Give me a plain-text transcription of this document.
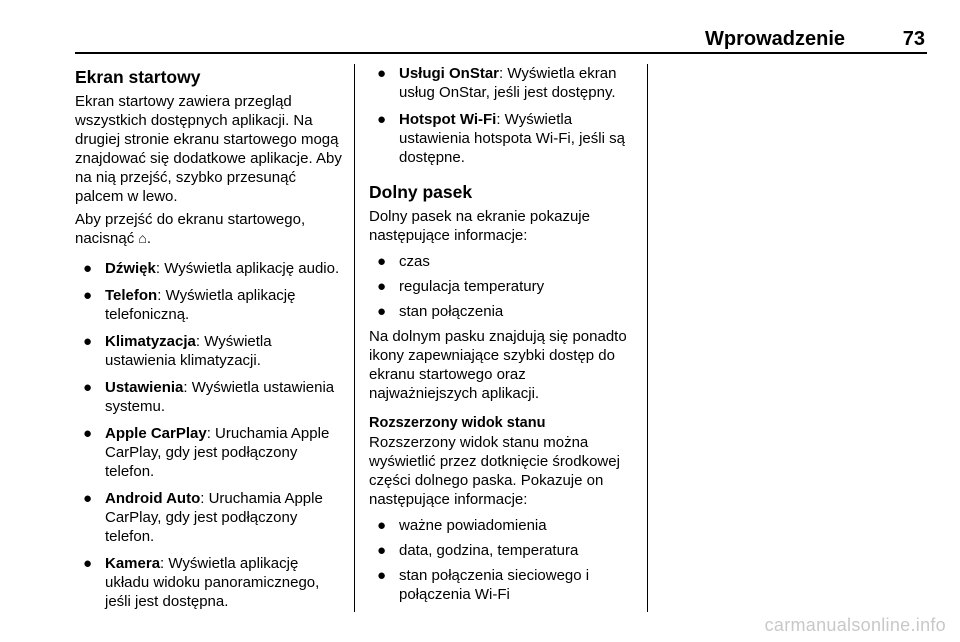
Wprowadzenie	73
Ekran startowy

Ekran startowy zawiera przegląd wszystkich dostępnych aplikacji. Na drugiej stronie ekranu startowego mogą znajdować się dodatkowe aplikacje. Aby na nią przejść, szybko przesunąć palcem w lewo.

Aby przejść do ekranu startowego, nacisnąć ⌂.

● Dźwięk: Wyświetla aplikację audio.
● Telefon: Wyświetla aplikację telefoniczną.
● Klimatyzacja: Wyświetla ustawienia klimatyzacji.
● Ustawienia: Wyświetla ustawienia systemu.
● Apple CarPlay: Uruchamia Apple CarPlay, gdy jest podłączony telefon.
● Android Auto: Uruchamia Apple CarPlay, gdy jest podłączony telefon.
● Kamera: Wyświetla aplikację układu widoku panoramicznego, jeśli jest dostępna.
● Usługi OnStar: Wyświetla ekran usług OnStar, jeśli jest dostępny.
● Hotspot Wi-Fi: Wyświetla ustawienia hotspota Wi-Fi, jeśli są dostępne.
Dolny pasek

Dolny pasek na ekranie pokazuje następujące informacje:

● czas
● regulacja temperatury
● stan połączenia

Na dolnym pasku znajdują się ponadto ikony zapewniające szybki dostęp do ekranu startowego oraz najważniejszych aplikacji.

Rozszerzony widok stanu

Rozszerzony widok stanu można wyświetlić przez dotknięcie środkowej części dolnego paska. Pokazuje on następujące informacje:

● ważne powiadomienia
● data, godzina, temperatura
● stan połączenia sieciowego i połączenia Wi-Fi
carmanualsonline.info
